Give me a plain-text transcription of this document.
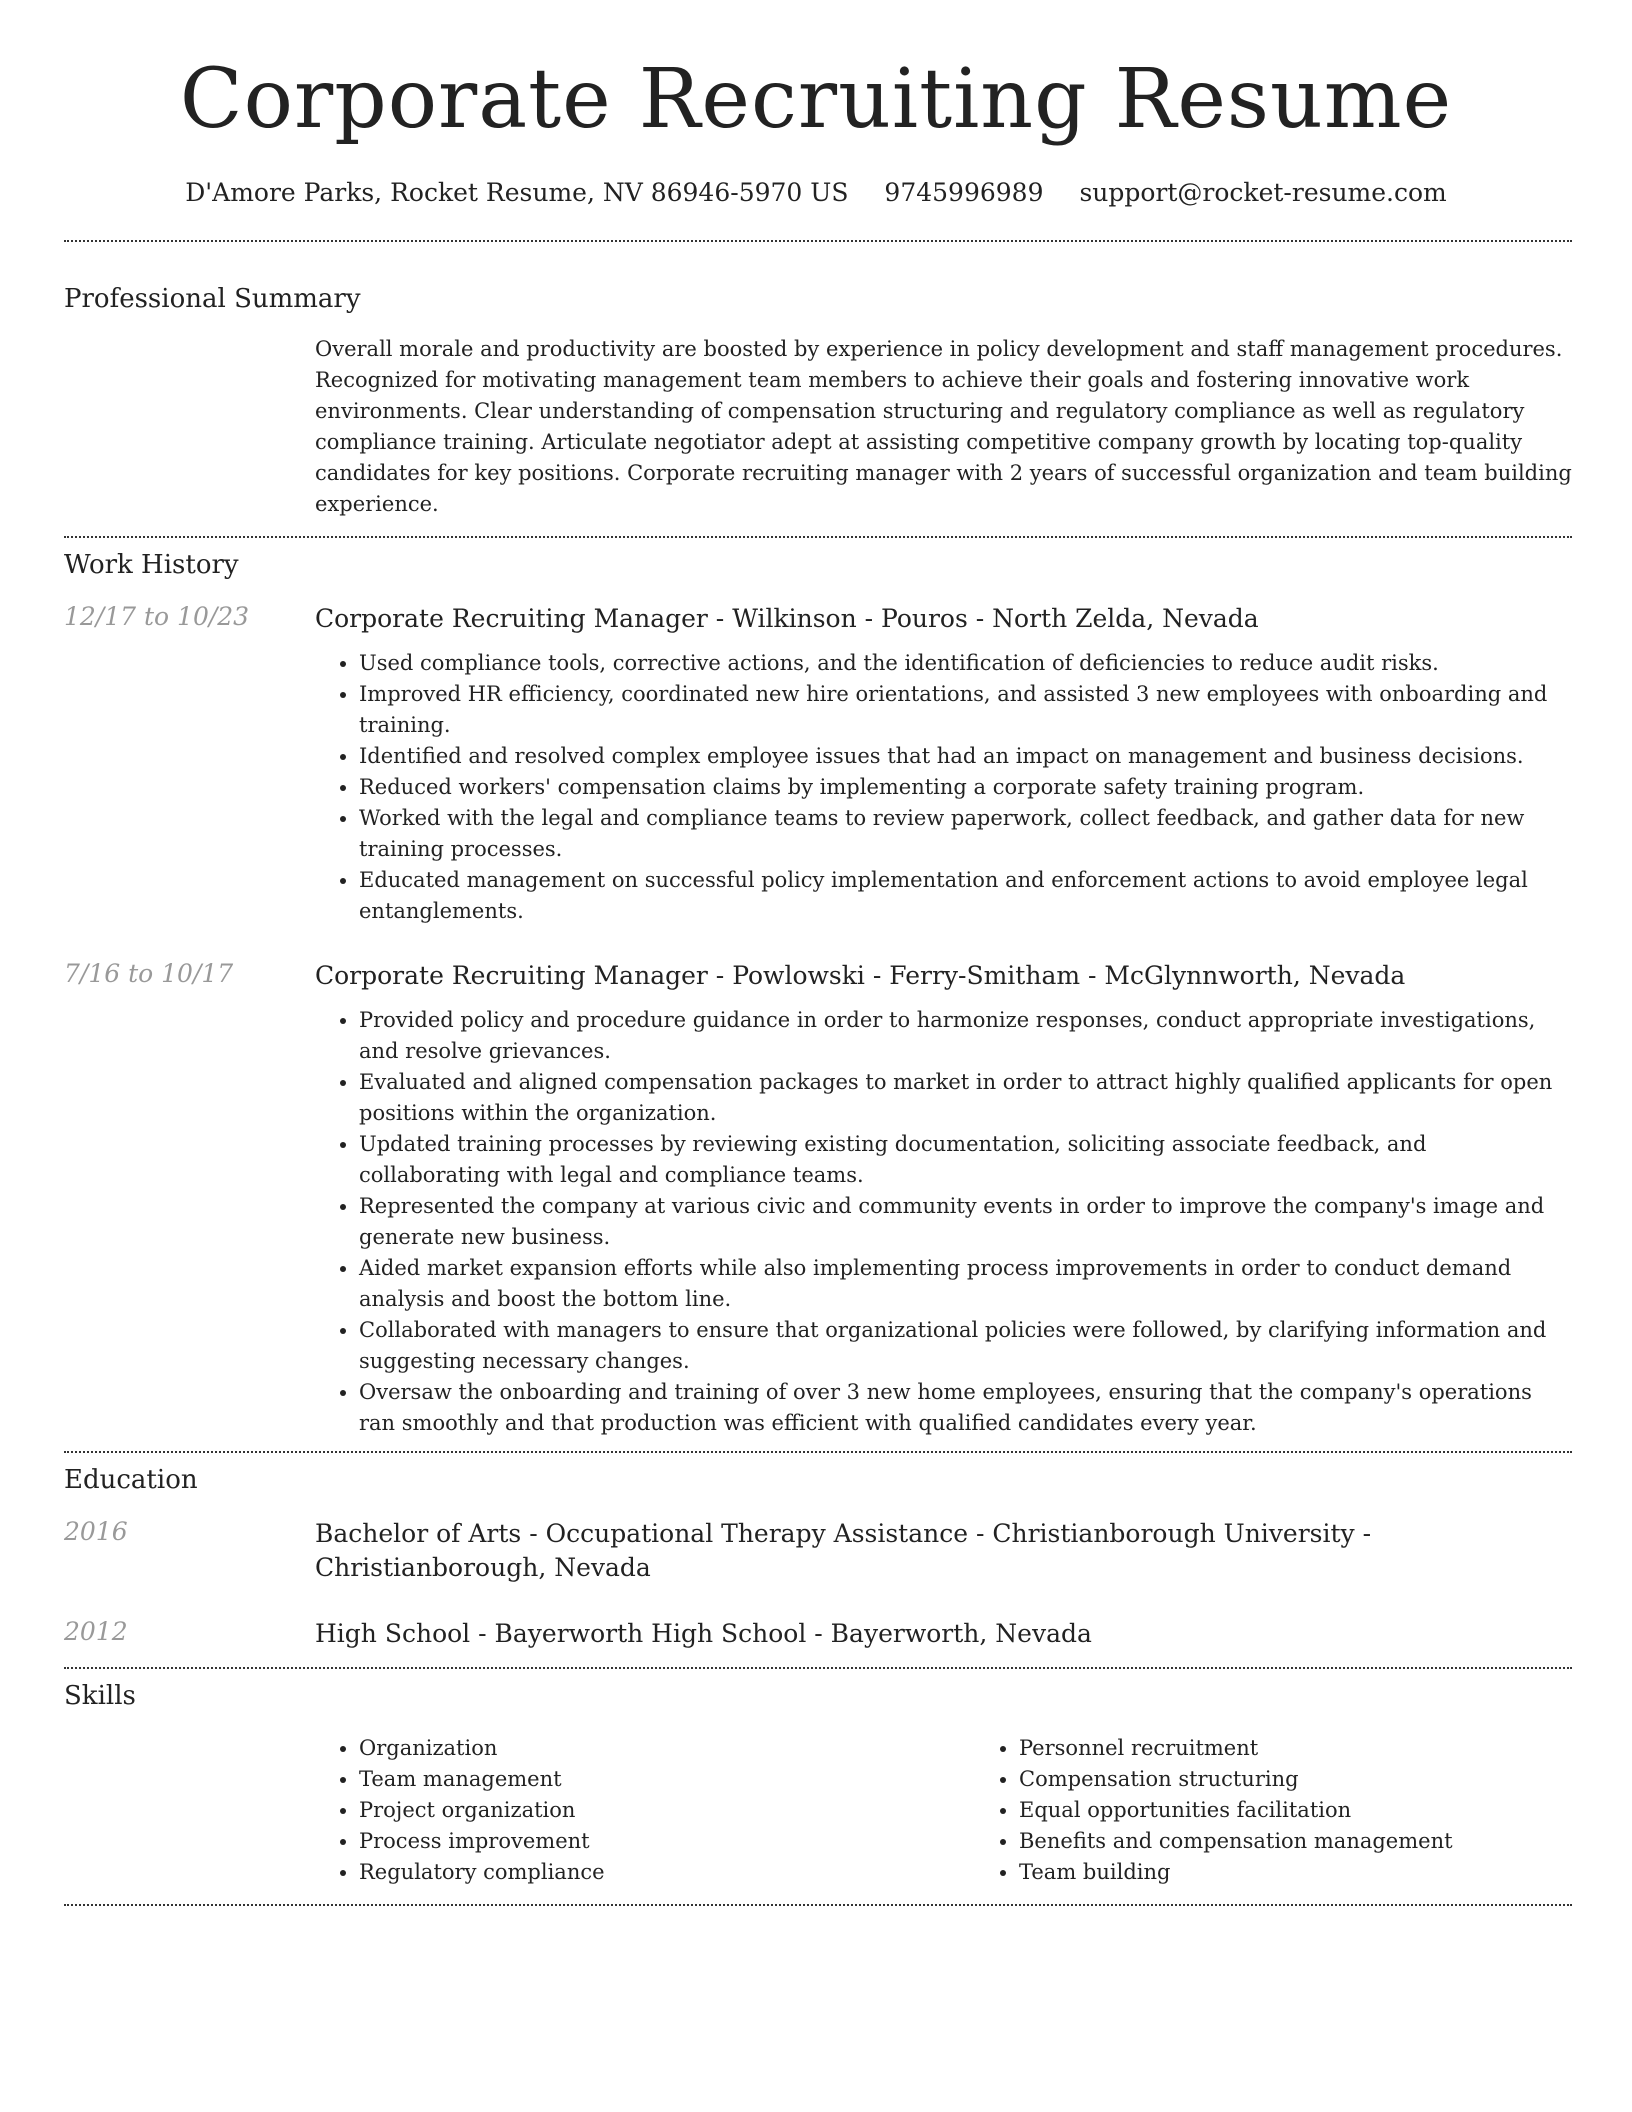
Corporate Recruiting Resume
D'Amore Parks, Rocket Resume, NV 86946-5970 US 9745996989 support@rocket-resume.com
Professional Summary

Overall morale and productivity are boosted by experience in policy development and staff management procedures. Recognized for motivating management team members to achieve their goals and fostering innovative work environments. Clear understanding of compensation structuring and regulatory compliance as well as regulatory compliance training. Articulate negotiator adept at assisting competitive company growth by locating top-quality candidates for key positions. Corporate recruiting manager with 2 years of successful organization and team building experience.

Work History
12/17 to 10/23	Corporate Recruiting Manager - Wilkinson - Pouros - North Zelda, Nevada

• Used compliance tools, corrective actions, and the identification of deficiencies to reduce audit risks.
• Improved HR efficiency, coordinated new hire orientations, and assisted 3 new employees with onboarding and training.
• Identified and resolved complex employee issues that had an impact on management and business decisions.
• Reduced workers' compensation claims by implementing a corporate safety training program.
• Worked with the legal and compliance teams to review paperwork, collect feedback, and gather data for new training processes.
• Educated management on successful policy implementation and enforcement actions to avoid employee legal entanglements.
7/16 to 10/17	Corporate Recruiting Manager - Powlowski - Ferry-Smitham - McGlynnworth, Nevada

• Provided policy and procedure guidance in order to harmonize responses, conduct appropriate investigations, and resolve grievances.
• Evaluated and aligned compensation packages to market in order to attract highly qualified applicants for open positions within the organization.
• Updated training processes by reviewing existing documentation, soliciting associate feedback, and collaborating with legal and compliance teams.
• Represented the company at various civic and community events in order to improve the company's image and generate new business.
• Aided market expansion efforts while also implementing process improvements in order to conduct demand analysis and boost the bottom line.
• Collaborated with managers to ensure that organizational policies were followed, by clarifying information and suggesting necessary changes.
• Oversaw the onboarding and training of over 3 new home employees, ensuring that the company's operations ran smoothly and that production was efficient with qualified candidates every year.
Education
2016	Bachelor of Arts - Occupational Therapy Assistance - Christianborough University - Christianborough, Nevada

2012	High School - Bayerworth High School - Bayerworth, Nevada

Skills
• Organization
• Team management
• Project organization
• Process improvement
• Regulatory compliance
• Personnel recruitment
• Compensation structuring
• Equal opportunities facilitation
• Benefits and compensation management
• Team building
